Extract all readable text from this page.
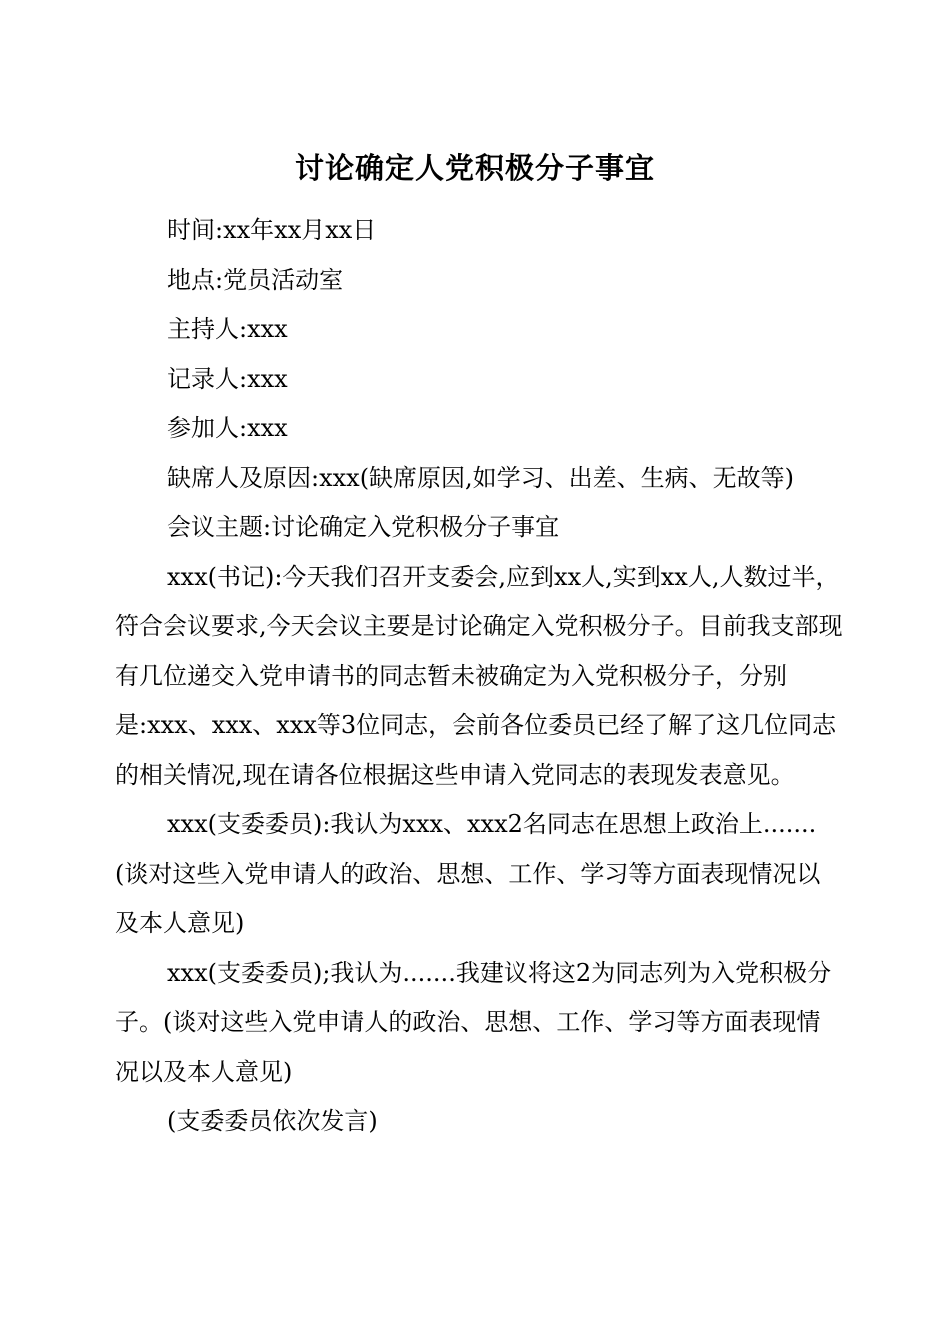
讨论确定人党积极分子事宜

时间:xx年xx月xx日

地点:党员活动室

主持人:xxx

记录人:xxx

参加人:xxx

缺席人及原因:xxx(缺席原因,如学习、出差、生病、无故等)

会议主题:讨论确定入党积极分子事宜

xxx(书记):今天我们召开支委会,应到xx人,实到xx人,人数过半，符合会议要求,今天会议主要是讨论确定入党积极分子。目前我支部现有几位递交入党申请书的同志暂未被确定为入党积极分子，分别是:xxx、xxx、xxx等3位同志，会前各位委员已经了解了这几位同志的相关情况,现在请各位根据这些申请入党同志的表现发表意见。

xxx(支委委员):我认为xxx、xxx2名同志在思想上政治上.......(谈对这些入党申请人的政治、思想、工作、学习等方面表现情况以及本人意见)

xxx(支委委员);我认为.......我建议将这2为同志列为入党积极分子。(谈对这些入党申请人的政治、思想、工作、学习等方面表现情况以及本人意见)

(支委委员依次发言)
